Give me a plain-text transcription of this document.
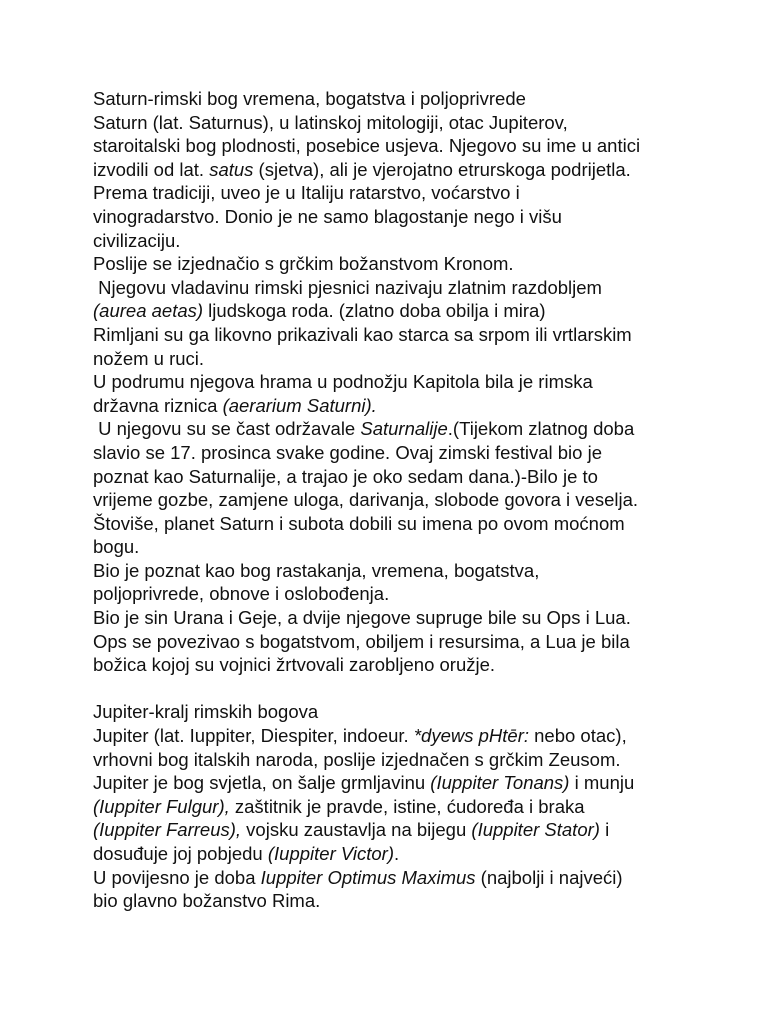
Saturn-rimski bog vremena, bogatstva i poljoprivrede
Saturn (lat. Saturnus), u latinskoj mitologiji, otac Jupiterov,
staroitalski bog plodnosti, posebice usjeva. Njegovo su ime u antici
izvodili od lat. satus (sjetva), ali je vjerojatno etrurskoga podrijetla.
Prema tradiciji, uveo je u Italiju ratarstvo, voćarstvo i
vinogradarstvo. Donio je ne samo blagostanje nego i višu
civilizaciju.
Poslije se izjednačio s grčkim božanstvom Kronom.
Njegovu vladavinu rimski pjesnici nazivaju zlatnim razdobljem
(aurea aetas) ljudskoga roda. (zlatno doba obilja i mira)
Rimljani su ga likovno prikazivali kao starca sa srpom ili vrtlarskim
nožem u ruci.
U podrumu njegova hrama u podnožju Kapitola bila je rimska
državna riznica (aerarium Saturni).
U njegovu su se čast održavale Saturnalije.(Tijekom zlatnog doba
slavio se 17. prosinca svake godine. Ovaj zimski festival bio je
poznat kao Saturnalije, a trajao je oko sedam dana.)-Bilo je to
vrijeme gozbe, zamjene uloga, darivanja, slobode govora i veselja.
Štoviše, planet Saturn i subota dobili su imena po ovom moćnom
bogu.
Bio je poznat kao bog rastakanja, vremena, bogatstva,
poljoprivrede, obnove i oslobođenja.
Bio je sin Urana i Geje, a dvije njegove supruge bile su Ops i Lua.
Ops se povezivao s bogatstvom, obiljem i resursima, a Lua je bila
božica kojoj su vojnici žrtvovali zarobljeno oružje.
Jupiter-kralj rimskih bogova
Jupiter (lat. Iuppiter, Diespiter, indoeur. *dyews pHtēr: nebo otac),
vrhovni bog italskih naroda, poslije izjednačen s grčkim Zeusom.
Jupiter je bog svjetla, on šalje grmljavinu (Iuppiter Tonans) i munju
(Iuppiter Fulgur), zaštitnik je pravde, istine, ćudoređa i braka
(Iuppiter Farreus), vojsku zaustavlja na bijegu (Iuppiter Stator) i
dosuđuje joj pobjedu (Iuppiter Victor).
U povijesno je doba Iuppiter Optimus Maximus (najbolji i najveći)
bio glavno božanstvo Rima.
